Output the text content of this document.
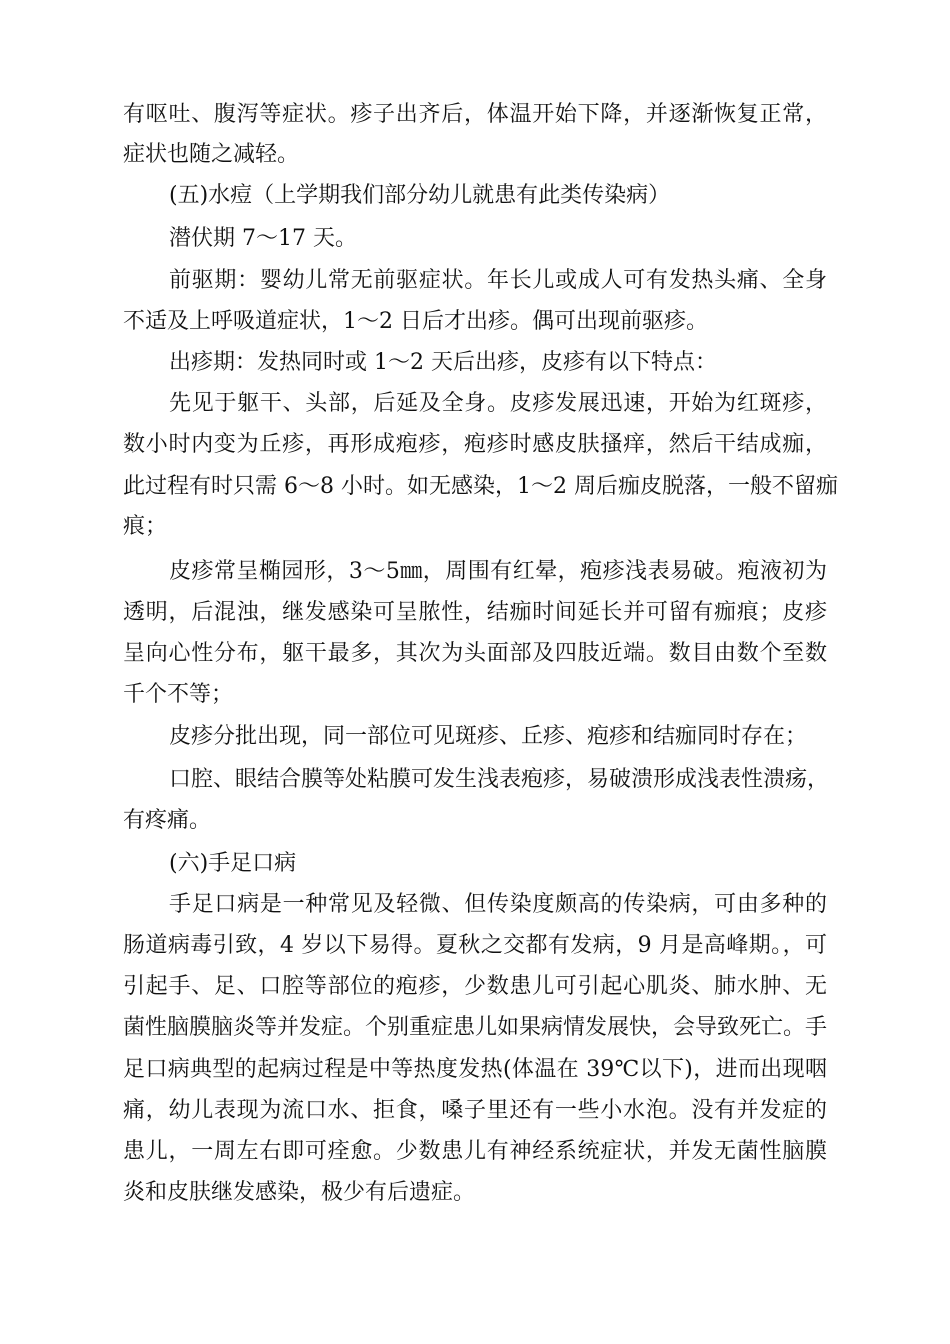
有呕吐、腹泻等症状。疹子出齐后，体温开始下降，并逐渐恢复正常，
症状也随之减轻。
(五)水痘（上学期我们部分幼儿就患有此类传染病）
潜伏期 7～17 天。
前驱期：婴幼儿常无前驱症状。年长儿或成人可有发热头痛、全身
不适及上呼吸道症状，1～2 日后才出疹。偶可出现前驱疹。
出疹期：发热同时或 1～2 天后出疹，皮疹有以下特点：
先见于躯干、头部，后延及全身。皮疹发展迅速，开始为红斑疹，
数小时内变为丘疹，再形成疱疹，疱疹时感皮肤搔痒，然后干结成痂，
此过程有时只需 6～8 小时。如无感染，1～2 周后痂皮脱落，一般不留痂
痕；
皮疹常呈椭园形，3～5㎜，周围有红晕，疱疹浅表易破。疱液初为
透明，后混浊，继发感染可呈脓性，结痂时间延长并可留有痂痕；皮疹
呈向心性分布，躯干最多，其次为头面部及四肢近端。数目由数个至数
千个不等；
皮疹分批出现，同一部位可见斑疹、丘疹、疱疹和结痂同时存在；
口腔、眼结合膜等处粘膜可发生浅表疱疹，易破溃形成浅表性溃疡，
有疼痛。
(六)手足口病
手足口病是一种常见及轻微、但传染度颇高的传染病，可由多种的
肠道病毒引致，4 岁以下易得。夏秋之交都有发病，9 月是高峰期。，可
引起手、足、口腔等部位的疱疹，少数患儿可引起心肌炎、肺水肿、无
菌性脑膜脑炎等并发症。个别重症患儿如果病情发展快，会导致死亡。手
足口病典型的起病过程是中等热度发热(体温在 39℃以下)，进而出现咽
痛，幼儿表现为流口水、拒食，嗓子里还有一些小水泡。没有并发症的
患儿，一周左右即可痊愈。少数患儿有神经系统症状，并发无菌性脑膜
炎和皮肤继发感染，极少有后遗症。
